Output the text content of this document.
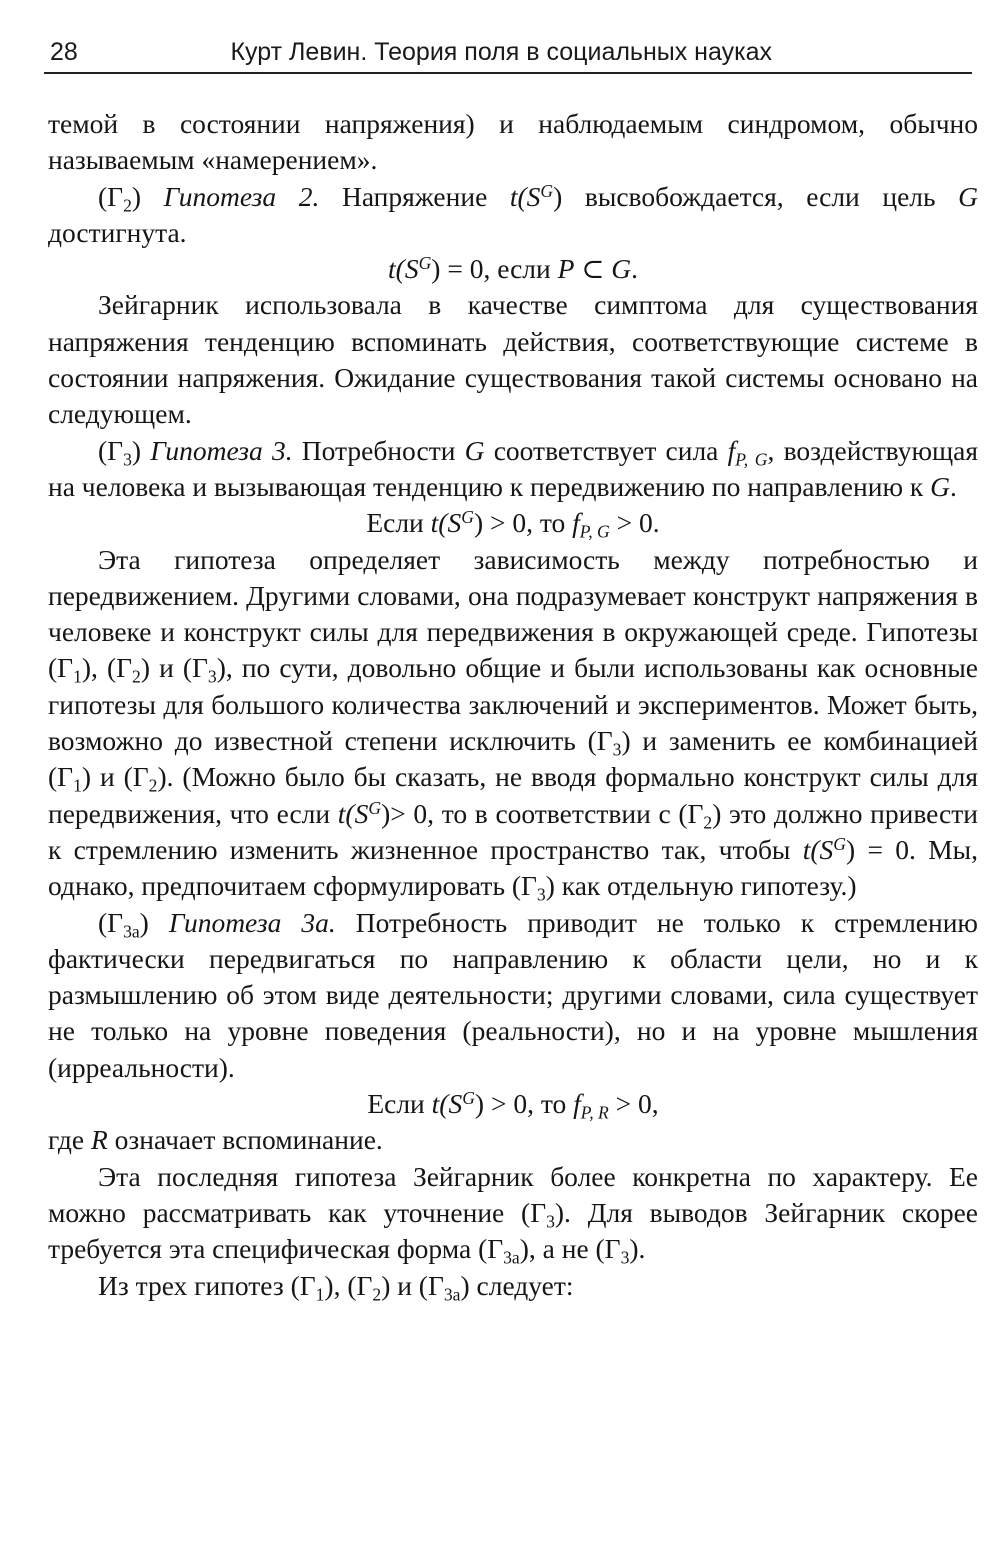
28	Курт Левин. Теория поля в социальных науках

темой в состоянии напряжения) и наблюдаемым синдромом, обычно называемым «намерением».

$(Г_2)$ Гипотеза 2. Напряжение $t(S^G)$ высвобождается, если цель G достигнута.

$t(S^G) = 0$, если P ⊂ G.

Зейгарник использовала в качестве симптома для существования напряжения тенденцию вспоминать действия, соответствующие системе в состоянии напряжения. Ожидание существования такой системы основано на следующем.

$(Г_3)$ Гипотеза 3. Потребности G соответствует сила $f_{P, G}$, воздействующая на человека и вызывающая тенденцию к передвижению по направлению к G.

Если $t(S^G) > 0$, то $f_{P, G} > 0$.

Эта гипотеза определяет зависимость между потребностью и передвижением. Другими словами, она подразумевает конструкт напряжения в человеке и конструкт силы для передвижения в окружающей среде. Гипотезы $(Г_1)$, $(Г_2)$ и $(Г_3)$, по сути, довольно общие и были использованы как основные гипотезы для большого количества заключений и экспериментов. Может быть, возможно до известной степени исключить $(Г_3)$ и заменить ее комбинацией $(Г_1)$ и $(Г_2)$. (Можно было бы сказать, не вводя формально конструкт силы для передвижения, что если $t(S^G)> 0$, то в соответствии с $(Г_2)$ это должно привести к стремлению изменить жизненное пространство так, чтобы $t(S^G) = 0$. Мы, однако, предпочитаем сформулировать $(Г_3)$ как отдельную гипотезу.)

$(Г_{3а})$ Гипотеза 3а. Потребность приводит не только к стремлению фактически передвигаться по направлению к области цели, но и к размышлению об этом виде деятельности; другими словами, сила существует не только на уровне поведения (реальности), но и на уровне мышления (ирреальности).

Если $t(S^G) > 0$, то $f_{P, R} > 0$,

где R означает вспоминание.

Эта последняя гипотеза Зейгарник более конкретна по характеру. Ее можно рассматривать как уточнение $(Г_3)$. Для выводов Зейгарник скорее требуется эта специфическая форма $(Г_{3а})$, а не $(Г_3)$.

Из трех гипотез $(Г_1)$, $(Г_2)$ и $(Г_{3а})$ следует:
